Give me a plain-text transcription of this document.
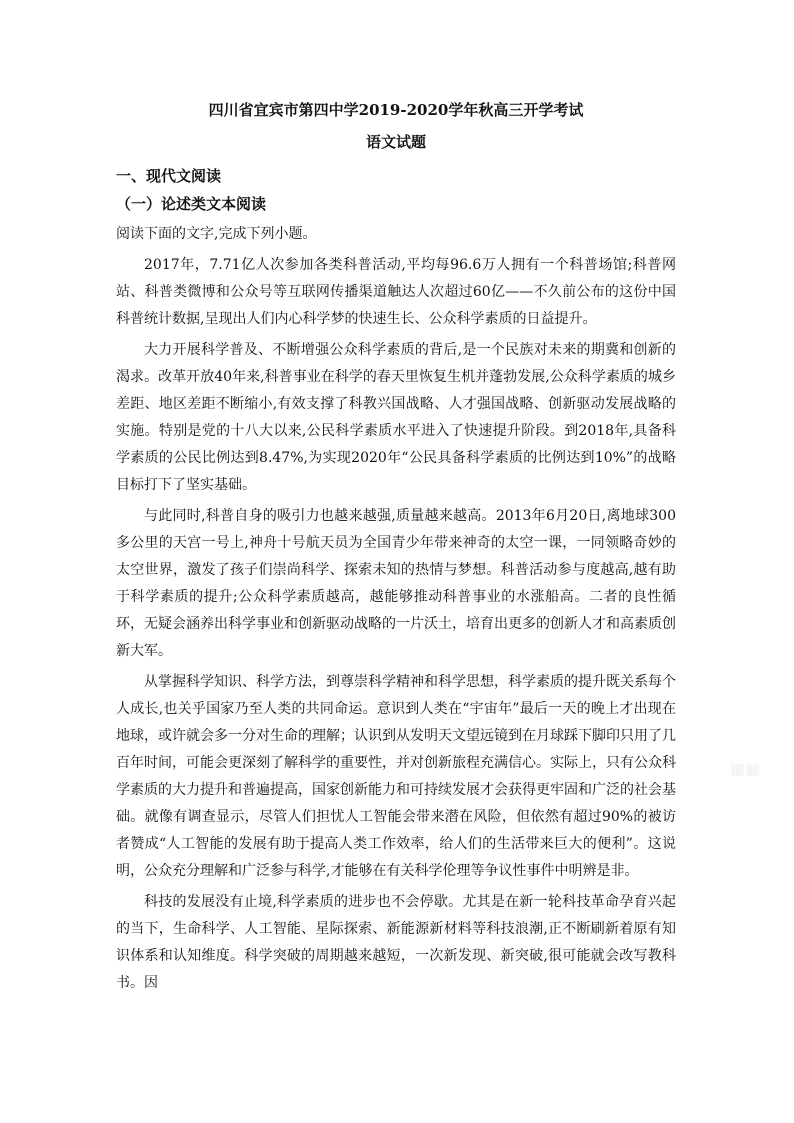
四川省宜宾市第四中学2019-2020学年秋高三开学考试
语文试题
一、现代文阅读
（一）论述类文本阅读
阅读下面的文字,完成下列小题。

2017年，7.71亿人次参加各类科普活动,平均每96.6万人拥有一个科普场馆;科普网站、科普类微博和公众号等互联网传播渠道触达人次超过60亿——不久前公布的这份中国科普统计数据,呈现出人们内心科学梦的快速生长、公众科学素质的日益提升。

大力开展科学普及、不断增强公众科学素质的背后,是一个民族对未来的期冀和创新的渴求。改革开放40年来,科普事业在科学的春天里恢复生机并蓬勃发展,公众科学素质的城乡差距、地区差距不断缩小,有效支撑了科教兴国战略、人才强国战略、创新驱动发展战略的实施。特别是党的十八大以来,公民科学素质水平进入了快速提升阶段。到2018年,具备科学素质的公民比例达到8.47%,为实现2020年“公民具备科学素质的比例达到10%”的战略目标打下了坚实基础。

与此同时,科普自身的吸引力也越来越强,质量越来越高。2013年6月20日,离地球300多公里的天宫一号上,神舟十号航天员为全国青少年带来神奇的太空一课，一同领略奇妙的太空世界，激发了孩子们崇尚科学、探索未知的热情与梦想。科普活动参与度越高,越有助于科学素质的提升;公众科学素质越高，越能够推动科普事业的水涨船高。二者的良性循环，无疑会涵养出科学事业和创新驱动战略的一片沃土，培育出更多的创新人才和高素质创新大军。

从掌握科学知识、科学方法，到尊崇科学精神和科学思想，科学素质的提升既关系每个人成长,也关乎国家乃至人类的共同命运。意识到人类在“宇宙年”最后一天的晚上才出现在地球，或许就会多一分对生命的理解；认识到从发明天文望远镜到在月球踩下脚印只用了几百年时间，可能会更深刻了解科学的重要性，并对创新旅程充满信心。实际上，只有公众科学素质的大力提升和普遍提高，国家创新能力和可持续发展才会获得更牢固和广泛的社会基础。就像有调查显示，尽管人们担忧人工智能会带来潜在风险，但依然有超过90%的被访者赞成“人工智能的发展有助于提高人类工作效率，给人们的生活带来巨大的便利”。这说明，公众充分理解和广泛参与科学,才能够在有关科学伦理等争议性事件中明辨是非。

科技的发展没有止境,科学素质的进步也不会停歇。尤其是在新一轮科技革命孕育兴起的当下，生命科学、人工智能、星际探索、新能源新材料等科技浪潮,正不断刷新着原有知识体系和认知维度。科学突破的周期越来越短，一次新发现、新突破,很可能就会改写教科书。因

▦▦
